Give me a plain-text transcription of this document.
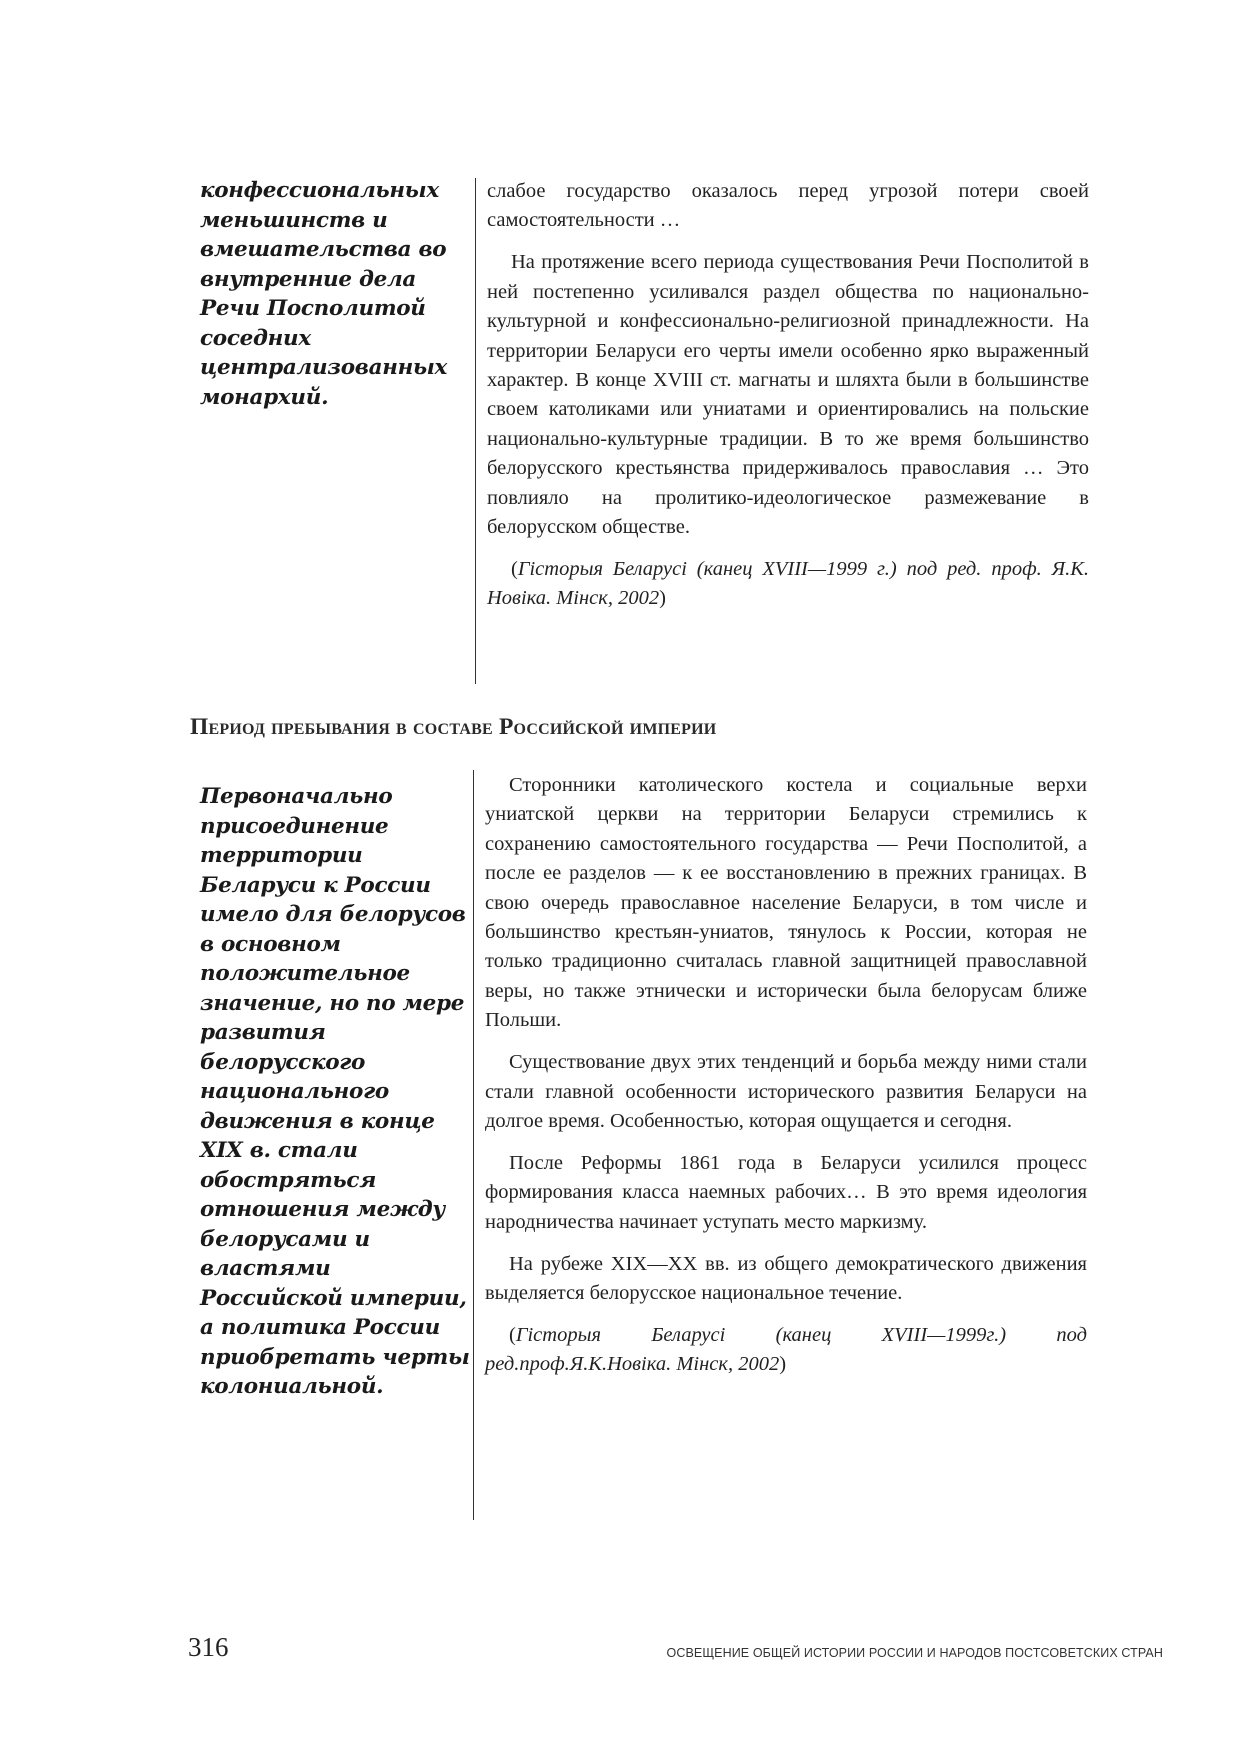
конфессиональных
меньшинств и
вмешательства во
внутренние дела
Речи Посполитой
соседних
централизованных
монархий.

слабое государство оказалось перед угрозой потери своей самостоятельности …

На протяжение всего периода существования Речи Посполитой в ней постепенно усиливался раздел общества по национально-культурной и конфессионально-религиозной принадлежности. На территории Беларуси его черты имели особенно ярко выраженный характер. В конце XVIII ст. магнаты и шляхта были в большинстве своем католиками или униатами и ориентировались на польские национально-культурные традиции. В то же время большинство белорусского крестьянства придерживалось православия … Это повлияло на пролитико-идеологическое размежевание в белорусском обществе.

(Гісторыя Беларусі (канец XVIII—1999 г.) под ред. проф. Я.К. Новіка. Мінск, 2002)

Период пребывания в составе Российской империи

Первоначально
присоединение
территории
Беларуси к России
имело для белорусов
в основном
положительное
значение, но по мере
развития
белорусского
национального
движения в конце
XIX в. стали
обостряться
отношения между
белорусами и
властями
Российской империи,
а политика России
приобретать черты
колониальной.

Сторонники католического костела и социальные верхи униатской церкви на территории Беларуси стремились к сохранению самостоятельного государства — Речи Посполитой, а после ее разделов — к ее восстановлению в прежних границах. В свою очередь православное население Беларуси, в том числе и большинство крестьян-униатов, тянулось к России, которая не только традиционно считалась главной защитницей православной веры, но также этнически и исторически была белорусам ближе Польши.

Существование двух этих тенденций и борьба между ними стали стали главной особенности исторического развития Беларуси на долгое время. Особенностью, которая ощущается и сегодня.

После Реформы 1861 года в Беларуси усилился процесс формирования класса наемных рабочих… В это время идеология народничества начинает уступать место маркизму.

На рубеже XIX—XX вв. из общего демократического движения выделяется белорусское национальное течение.

(Гісторыя Беларусі (канец XVIII—1999г.) под ред.проф.Я.К.Новіка. Мінск, 2002)

316	ОСВЕЩЕНИЕ ОБЩЕЙ ИСТОРИИ РОССИИ И НАРОДОВ ПОСТСОВЕТСКИХ СТРАН
